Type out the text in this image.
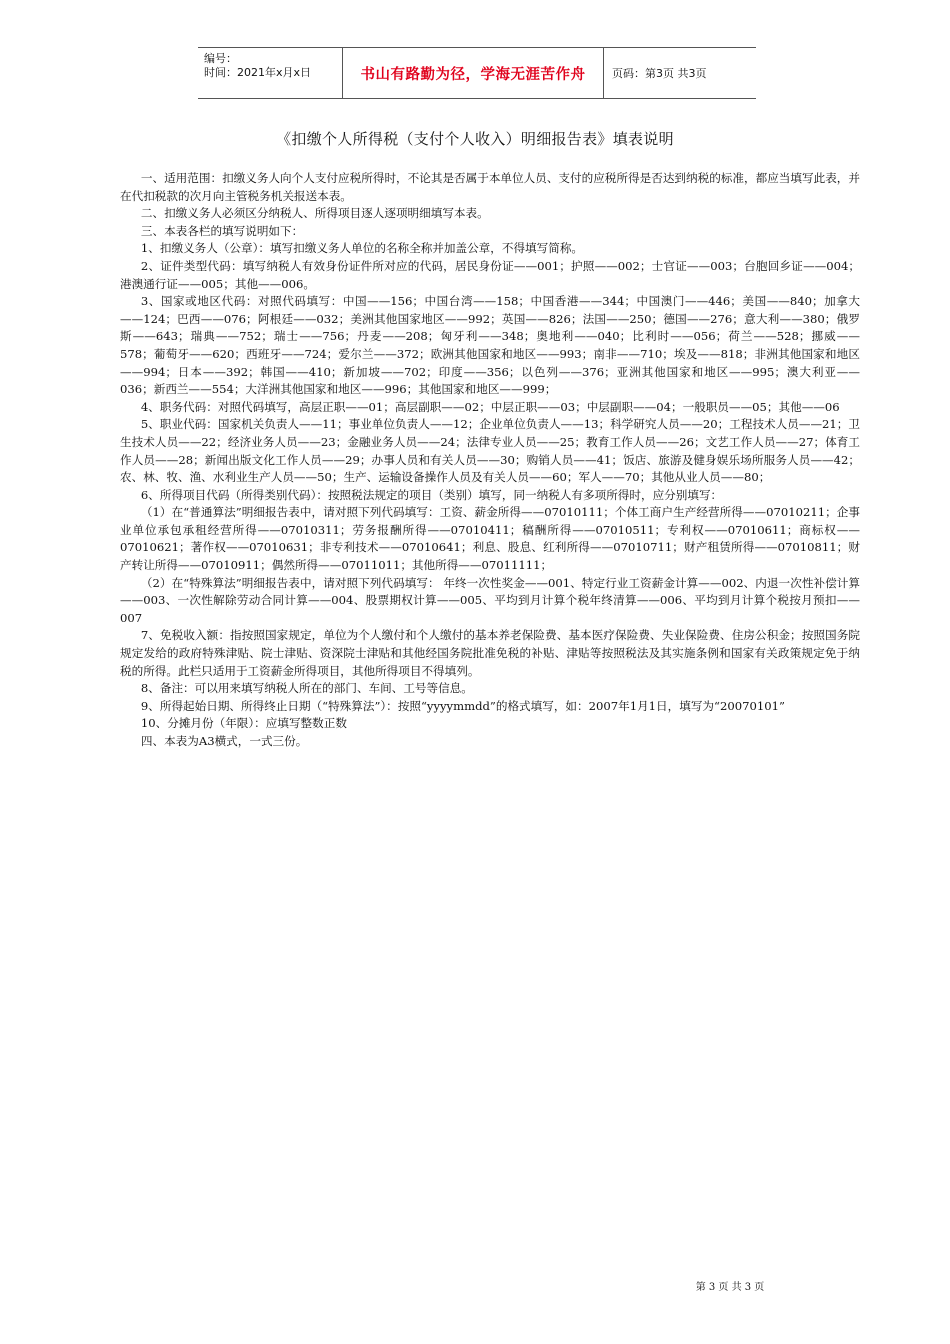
编号：
时间：2021年x月x日	书山有路勤为径，学海无涯苦作舟	页码：第3页 共3页
《扣缴个人所得税（支付个人收入）明细报告表》填表说明

一、适用范围：扣缴义务人向个人支付应税所得时，不论其是否属于本单位人员、支付的应税所得是否达到纳税的标准，都应当填写此表，并在代扣税款的次月向主管税务机关报送本表。

二、扣缴义务人必须区分纳税人、所得项目逐人逐项明细填写本表。

三、本表各栏的填写说明如下：

1、扣缴义务人（公章）：填写扣缴义务人单位的名称全称并加盖公章，不得填写简称。

2、证件类型代码：填写纳税人有效身份证件所对应的代码，居民身份证——001；护照——002；士官证——003；台胞回乡证——004；港澳通行证——005；其他——006。

3、国家或地区代码：对照代码填写：中国——156；中国台湾——158；中国香港——344；中国澳门——446；美国——840；加拿大——124；巴西——076；阿根廷——032；美洲其他国家地区——992；英国——826；法国——250；德国——276；意大利——380；俄罗斯——643；瑞典——752；瑞士——756；丹麦——208；匈牙利——348；奥地利——040；比利时——056；荷兰——528；挪威——578；葡萄牙——620；西班牙——724；爱尔兰——372；欧洲其他国家和地区——993；南非——710；埃及——818；非洲其他国家和地区——994；日本——392；韩国——410；新加坡——702；印度——356；以色列——376；亚洲其他国家和地区——995；澳大利亚——036；新西兰——554；大洋洲其他国家和地区——996；其他国家和地区——999；

4、职务代码：对照代码填写，高层正职——01；高层副职——02；中层正职——03；中层副职——04；一般职员——05；其他——06

5、职业代码：国家机关负责人——11；事业单位负责人——12；企业单位负责人——13；科学研究人员——20；工程技术人员——21；卫生技术人员——22；经济业务人员——23；金融业务人员——24；法律专业人员——25；教育工作人员——26；文艺工作人员——27；体育工作人员——28；新闻出版文化工作人员——29；办事人员和有关人员——30；购销人员——41；饭店、旅游及健身娱乐场所服务人员——42；农、林、牧、渔、水利业生产人员——50；生产、运输设备操作人员及有关人员——60；军人——70；其他从业人员——80；

6、所得项目代码（所得类别代码）：按照税法规定的项目（类别）填写，同一纳税人有多项所得时，应分别填写：

（1）在“普通算法”明细报告表中，请对照下列代码填写：工资、薪金所得——07010111；个体工商户生产经营所得——07010211；企事业单位承包承租经营所得——07010311；劳务报酬所得——07010411；稿酬所得——07010511；专利权——07010611；商标权——07010621；著作权——07010631；非专利技术——07010641；利息、股息、红利所得——07010711；财产租赁所得——07010811；财产转让所得——07010911；偶然所得——07011011；其他所得——07011111；

（2）在“特殊算法”明细报告表中，请对照下列代码填写： 年终一次性奖金——001、特定行业工资薪金计算——002、内退一次性补偿计算——003、一次性解除劳动合同计算——004、股票期权计算——005、平均到月计算个税年终清算——006、平均到月计算个税按月预扣——007

7、免税收入额：指按照国家规定，单位为个人缴付和个人缴付的基本养老保险费、基本医疗保险费、失业保险费、住房公积金；按照国务院规定发给的政府特殊津贴、院士津贴、资深院士津贴和其他经国务院批准免税的补贴、津贴等按照税法及其实施条例和国家有关政策规定免于纳税的所得。此栏只适用于工资薪金所得项目，其他所得项目不得填列。

8、备注：可以用来填写纳税人所在的部门、车间、工号等信息。

9、所得起始日期、所得终止日期（“特殊算法”）：按照“yyyymmdd”的格式填写，如：2007年1月1日，填写为“20070101”

10、分摊月份（年限）：应填写整数正数

四、本表为A3横式，一式三份。

第 3 页 共 3 页
